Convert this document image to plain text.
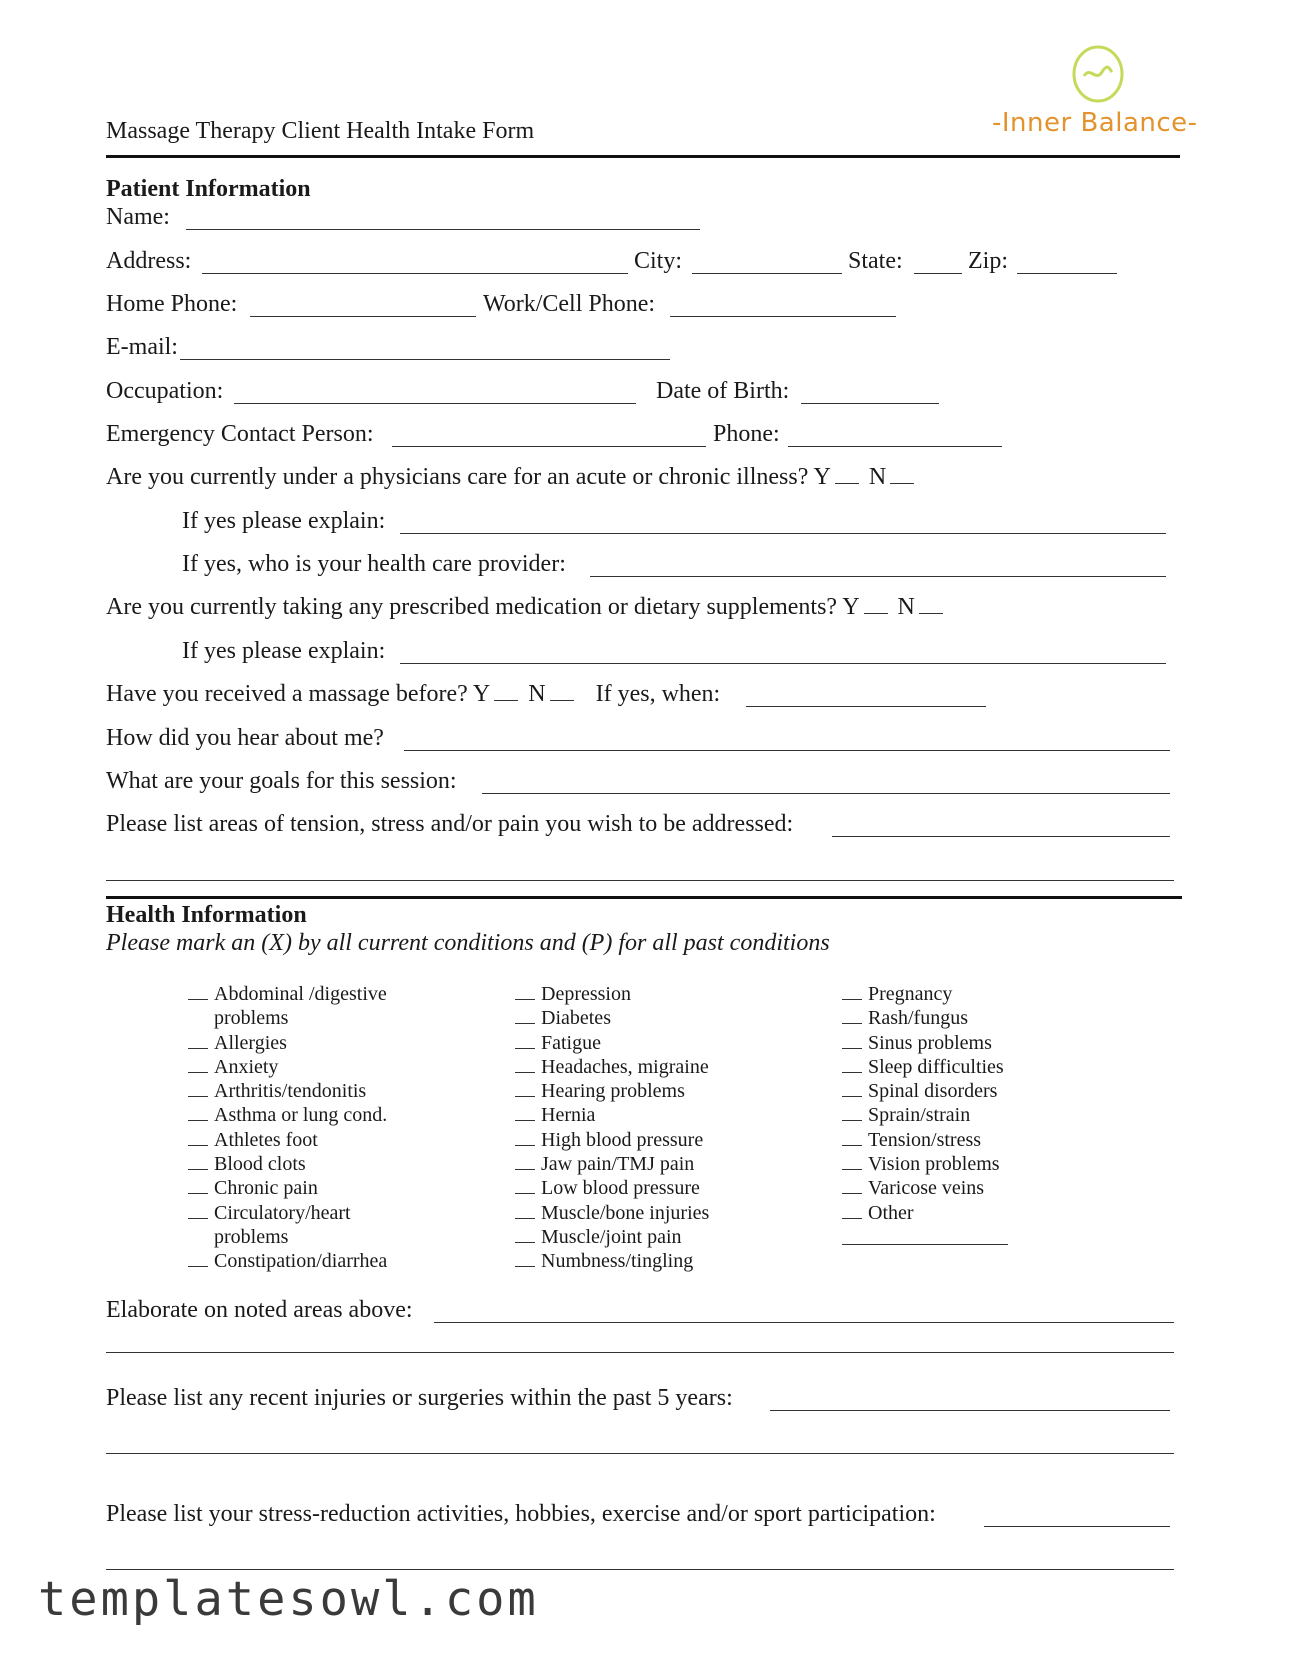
Massage Therapy Client Health Intake Form	-Inner Balance-
Patient Information
Name:
Address:	City:	State:	Zip:
Home Phone:	Work/Cell Phone:
E-mail:
Occupation:	Date of Birth:
Emergency Contact Person:	Phone:
Are you currently under a physicians care for an acute or chronic illness? Y N
If yes please explain:
If yes, who is your health care provider:
Are you currently taking any prescribed medication or dietary supplements? Y N
If yes please explain:
Have you received a massage before? Y N If yes, when:
How did you hear about me?
What are your goals for this session:
Please list areas of tension, stress and/or pain you wish to be addressed:
Health Information
Please mark an (X) by all current conditions and (P) for all past conditions
Abdominal /digestive
problems
Allergies
Anxiety
Arthritis/tendonitis
Asthma or lung cond.
Athletes foot
Blood clots
Chronic pain
Circulatory/heart
problems
Constipation/diarrhea
Depression
Diabetes
Fatigue
Headaches, migraine
Hearing problems
Hernia
High blood pressure
Jaw pain/TMJ pain
Low blood pressure
Muscle/bone injuries
Muscle/joint pain
Numbness/tingling
Pregnancy
Rash/fungus
Sinus problems
Sleep difficulties
Spinal disorders
Sprain/strain
Tension/stress
Vision problems
Varicose veins
Other
Elaborate on noted areas above:
Please list any recent injuries or surgeries within the past 5 years:
Please list your stress-reduction activities, hobbies, exercise and/or sport participation:
templatesowl.com
